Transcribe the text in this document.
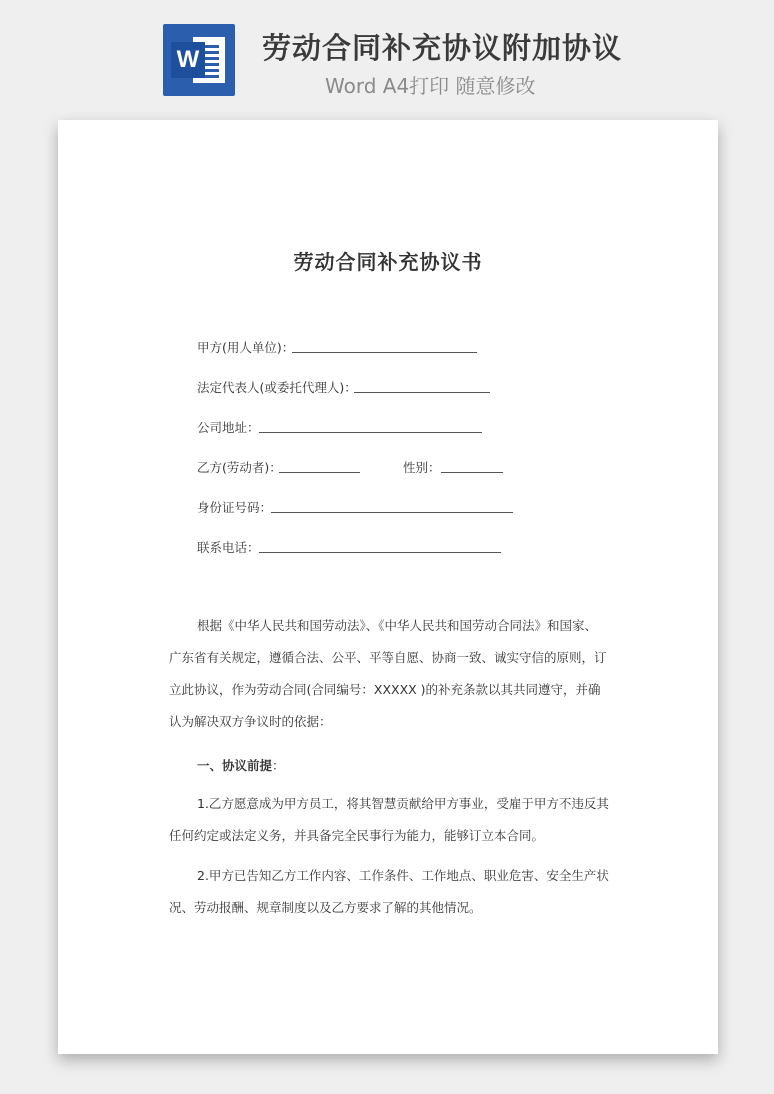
W 劳动合同补充协议附加协议
Word A4打印 随意修改
劳动合同补充协议书
甲方(用人单位)：
法定代表人(或委托代理人)：
公司地址：
乙方(劳动者)：	性别：
身份证号码：
联系电话：

根据《中华人民共和国劳动法》、《中华人民共和国劳动合同法》和国家、
广东省有关规定，遵循合法、公平、平等自愿、协商一致、诚实守信的原则，订
立此协议，作为劳动合同(合同编号：XXXXX )的补充条款以其共同遵守，并确
认为解决双方争议时的依据：

一、协议前提：

1.乙方愿意成为甲方员工，将其智慧贡献给甲方事业，受雇于甲方不违反其
任何约定或法定义务，并具备完全民事行为能力，能够订立本合同。

2.甲方已告知乙方工作内容、工作条件、工作地点、职业危害、安全生产状
况、劳动报酬、规章制度以及乙方要求了解的其他情况。
